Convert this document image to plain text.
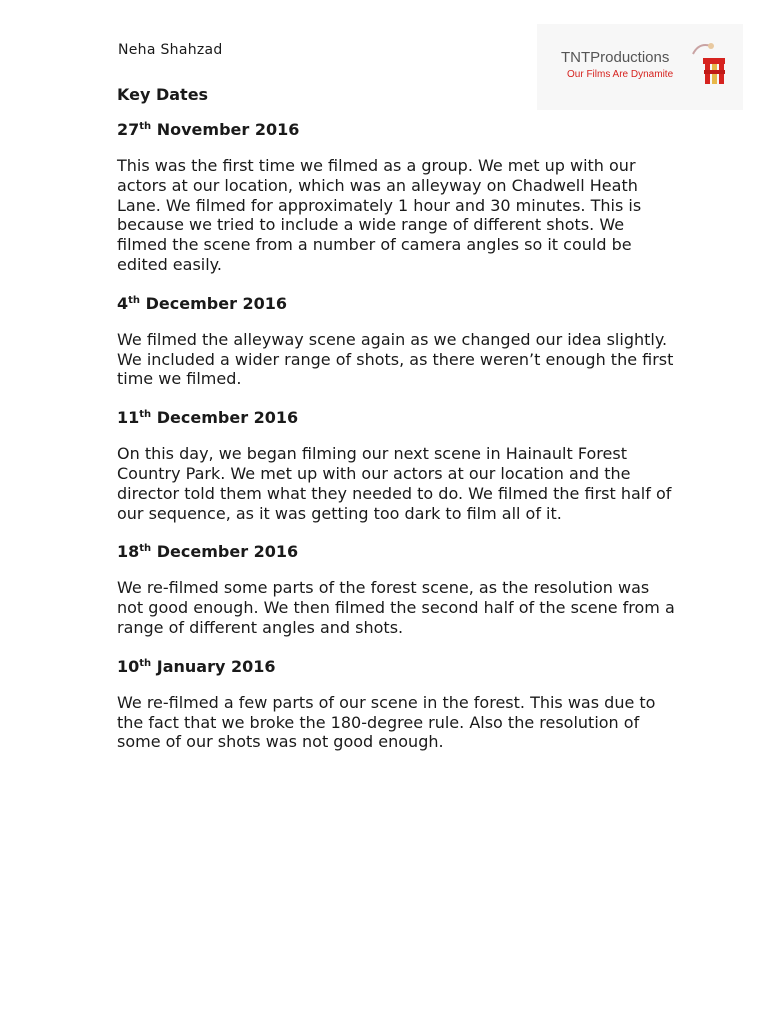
Neha Shahzad	TNTProductions
Our Films Are Dynamite
Key Dates
27th November 2016
This was the first time we filmed as a group. We met up with our actors at our location, which was an alleyway on Chadwell Heath Lane. We filmed for approximately 1 hour and 30 minutes. This is because we tried to include a wide range of different shots. We filmed the scene from a number of camera angles so it could be edited easily.
4th December 2016
We filmed the alleyway scene again as we changed our idea slightly. We included a wider range of shots, as there weren’t enough the first time we filmed.
11th December 2016
On this day, we began filming our next scene in Hainault Forest Country Park. We met up with our actors at our location and the director told them what they needed to do. We filmed the first half of our sequence, as it was getting too dark to film all of it.
18th December 2016
We re-filmed some parts of the forest scene, as the resolution was not good enough. We then filmed the second half of the scene from a range of different angles and shots.
10th January 2016
We re-filmed a few parts of our scene in the forest. This was due to the fact that we broke the 180-degree rule. Also the resolution of some of our shots was not good enough.
